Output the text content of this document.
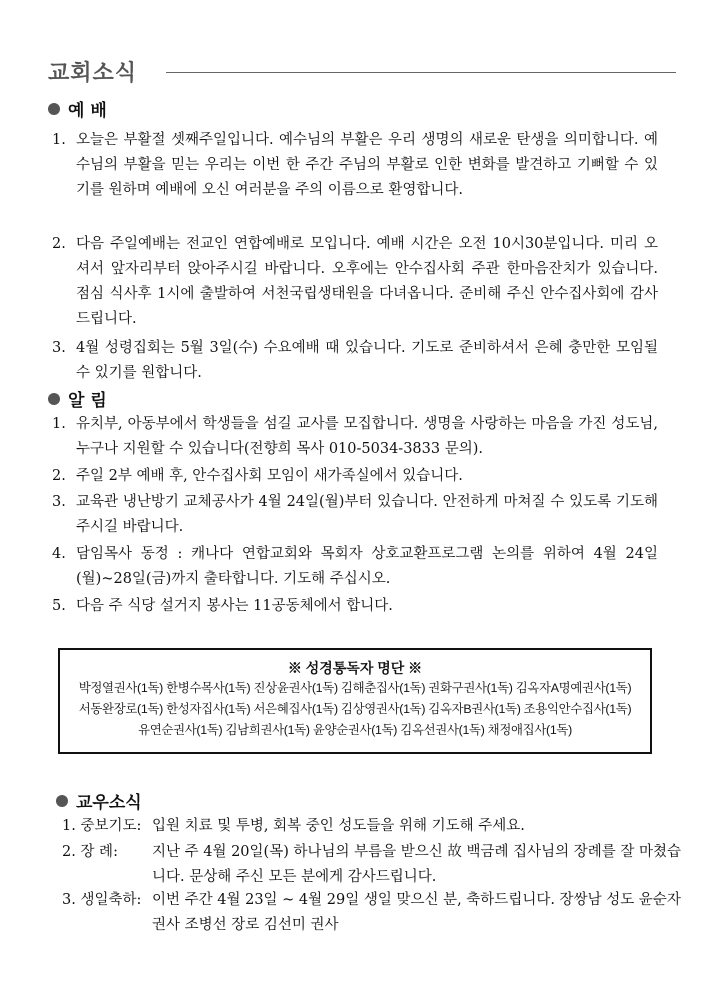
교회소식
예 배
1. 오늘은 부활절 셋째주일입니다. 예수님의 부활은 우리 생명의 새로운 탄생을 의미합니다. 예수님의 부활을 믿는 우리는 이번 한 주간 주님의 부활로 인한 변화를 발견하고 기뻐할 수 있기를 원하며 예배에 오신 여러분을 주의 이름으로 환영합니다.
2. 다음 주일예배는 전교인 연합예배로 모입니다. 예배 시간은 오전 10시30분입니다. 미리 오셔서 앞자리부터 앉아주시길 바랍니다. 오후에는 안수집사회 주관 한마음잔치가 있습니다. 점심 식사후 1시에 출발하여 서천국립생태원을 다녀옵니다. 준비해 주신 안수집사회에 감사드립니다.
3. 4월 성령집회는 5월 3일(수) 수요예배 때 있습니다. 기도로 준비하셔서 은혜 충만한 모임될 수 있기를 원합니다.
알 림
1. 유치부, 아동부에서 학생들을 섬길 교사를 모집합니다. 생명을 사랑하는 마음을 가진 성도님, 누구나 지원할 수 있습니다(전향희 목사 010-5034-3833 문의).
2. 주일 2부 예배 후, 안수집사회 모임이 새가족실에서 있습니다.
3. 교육관 냉난방기 교체공사가 4월 24일(월)부터 있습니다. 안전하게 마쳐질 수 있도록 기도해 주시길 바랍니다.
4. 담임목사 동정 : 캐나다 연합교회와 목회자 상호교환프로그램 논의를 위하여 4월 24일(월)~28일(금)까지 출타합니다. 기도해 주십시오.
5. 다음 주 식당 설거지 봉사는 11공동체에서 합니다.
※ 성경통독자 명단 ※
박정열권사(1독) 한병수목사(1독) 진상윤권사(1독) 김해춘집사(1독) 권화구권사(1독) 김옥자A명예권사(1독)
서동완장로(1독) 한성자집사(1독) 서은혜집사(1독) 김상영권사(1독) 김옥자B권사(1독) 조용익안수집사(1독)
유연순권사(1독) 김남희권사(1독) 윤양순권사(1독) 김옥선권사(1독) 채정애집사(1독)
교우소식
1. 중보기도: 입원 치료 및 투병, 회복 중인 성도들을 위해 기도해 주세요.
2. 장 례:	지난 주 4월 20일(목) 하나님의 부름을 받으신 故 백금례 집사님의 장례를 잘 마쳤습니다. 문상해 주신 모든 분에게 감사드립니다.
3. 생일축하: 이번 주간 4월 23일 ~ 4월 29일 생일 맞으신 분, 축하드립니다. 장쌍남 성도 윤순자 권사 조병선 장로 김선미 권사
